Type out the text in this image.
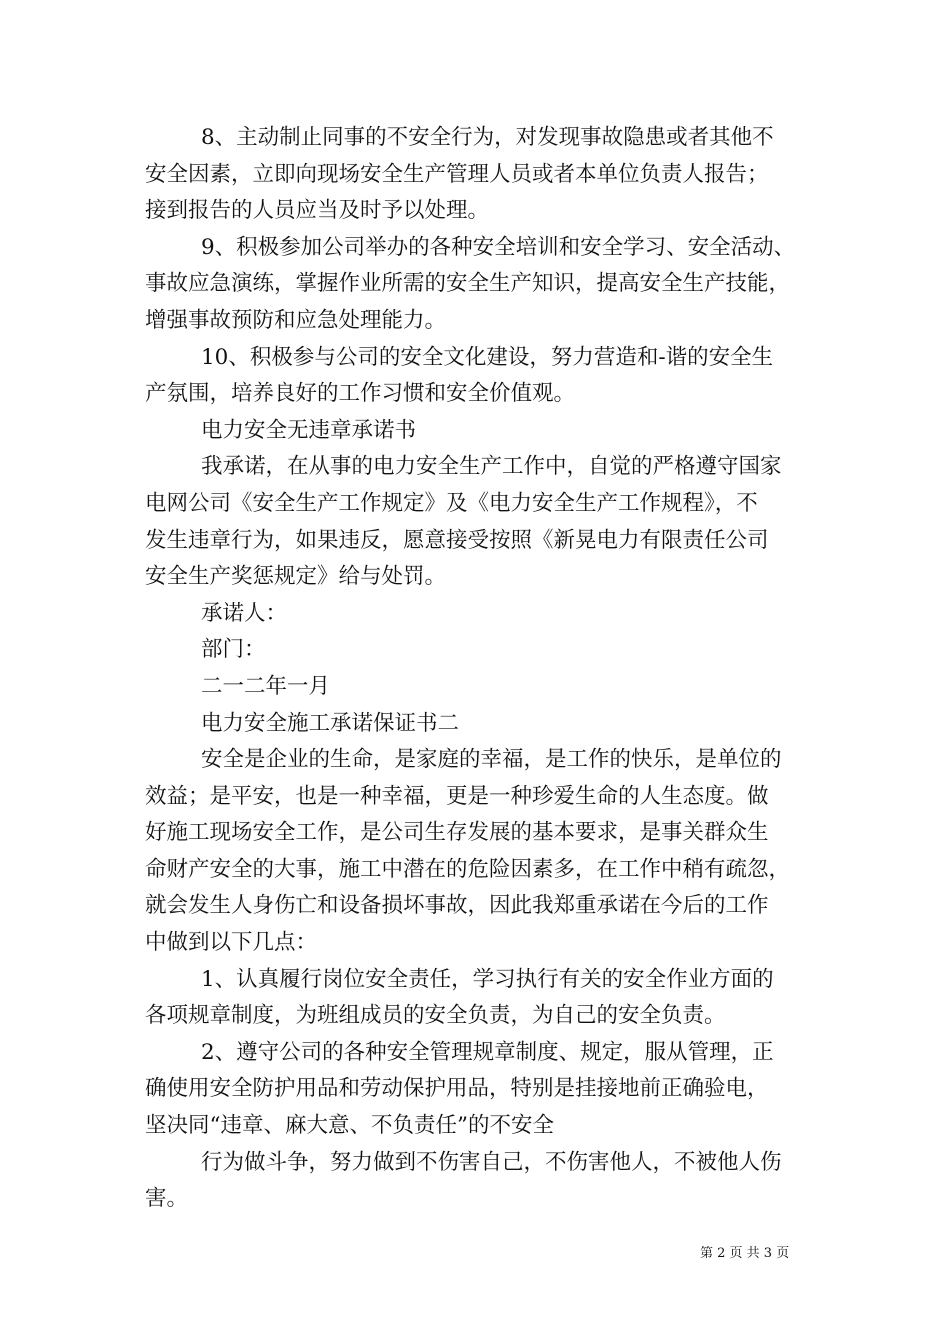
8、主动制止同事的不安全行为，对发现事故隐患或者其他不
安全因素，立即向现场安全生产管理人员或者本单位负责人报告；
接到报告的人员应当及时予以处理。
9、积极参加公司举办的各种安全培训和安全学习、安全活动、
事故应急演练，掌握作业所需的安全生产知识，提高安全生产技能，
增强事故预防和应急处理能力。
10、积极参与公司的安全文化建设，努力营造和-谐的安全生
产氛围，培养良好的工作习惯和安全价值观。
电力安全无违章承诺书
我承诺，在从事的电力安全生产工作中，自觉的严格遵守国家
电网公司《安全生产工作规定》及《电力安全生产工作规程》，不
发生违章行为，如果违反，愿意接受按照《新晃电力有限责任公司
安全生产奖惩规定》给与处罚。
承诺人：
部门：
二一二年一月
电力安全施工承诺保证书二
安全是企业的生命，是家庭的幸福，是工作的快乐，是单位的
效益；是平安，也是一种幸福，更是一种珍爱生命的人生态度。做
好施工现场安全工作，是公司生存发展的基本要求，是事关群众生
命财产安全的大事，施工中潜在的危险因素多，在工作中稍有疏忽，
就会发生人身伤亡和设备损坏事故，因此我郑重承诺在今后的工作
中做到以下几点：
1、认真履行岗位安全责任，学习执行有关的安全作业方面的
各项规章制度，为班组成员的安全负责，为自己的安全负责。
2、遵守公司的各种安全管理规章制度、规定，服从管理，正
确使用安全防护用品和劳动保护用品，特别是挂接地前正确验电，
坚决同“违章、麻大意、不负责任”的不安全
行为做斗争，努力做到不伤害自己，不伤害他人，不被他人伤
害。
第 2 页 共 3 页
